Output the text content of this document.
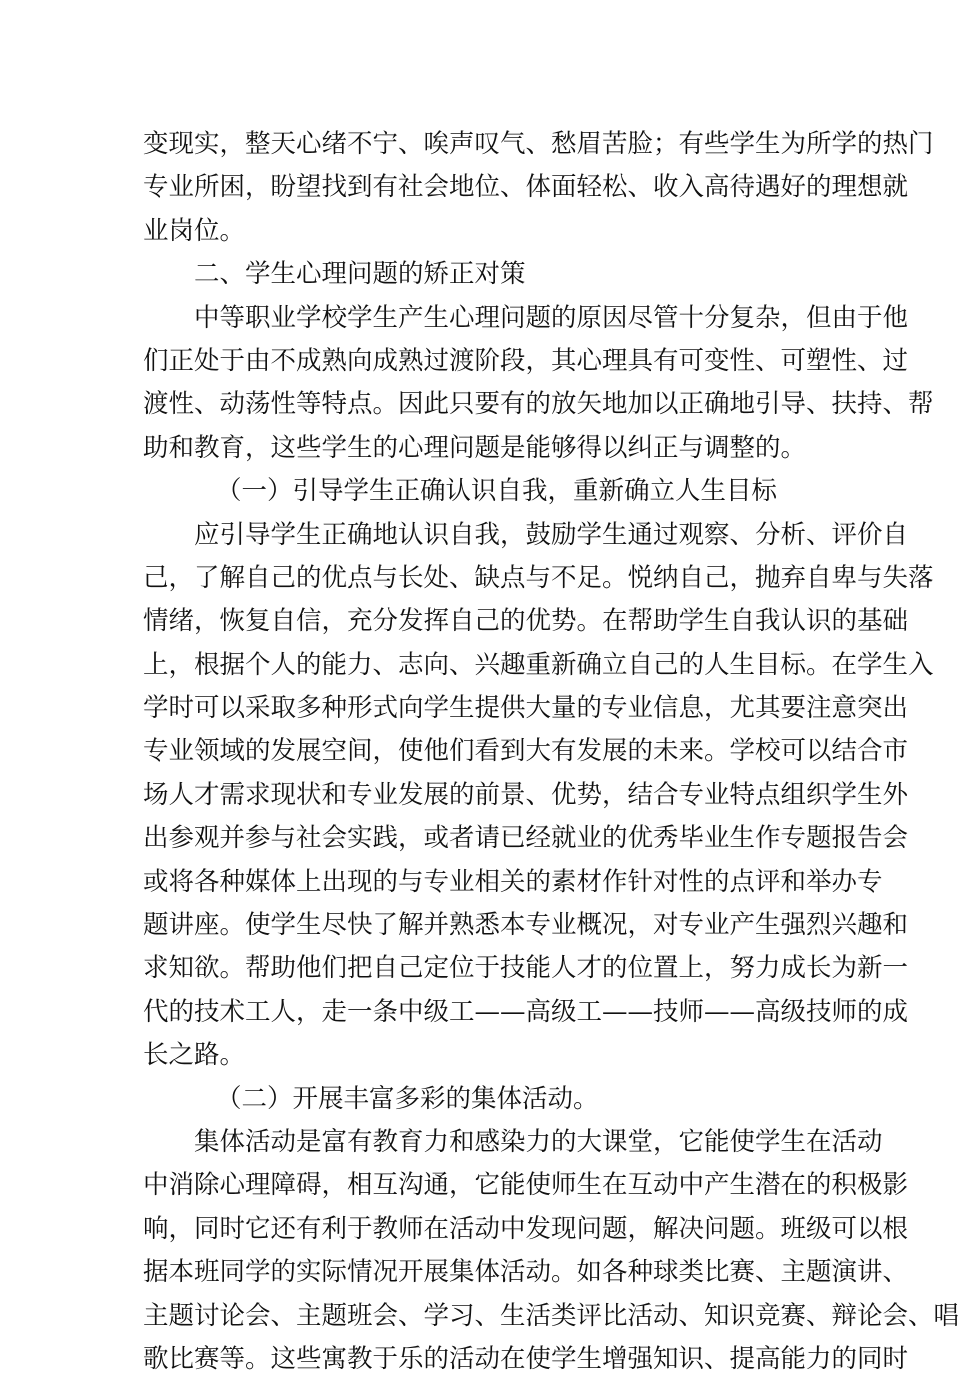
变现实，整天心绪不宁、唉声叹气、愁眉苦脸；有些学生为所学的热门
专业所困，盼望找到有社会地位、体面轻松、收入高待遇好的理想就
业岗位。
二、学生心理问题的矫正对策
中等职业学校学生产生心理问题的原因尽管十分复杂，但由于他
们正处于由不成熟向成熟过渡阶段，其心理具有可变性、可塑性、过
渡性、动荡性等特点。因此只要有的放矢地加以正确地引导、扶持、帮
助和教育，这些学生的心理问题是能够得以纠正与调整的。
（一）引导学生正确认识自我，重新确立人生目标
应引导学生正确地认识自我，鼓励学生通过观察、分析、评价自
己，了解自己的优点与长处、缺点与不足。悦纳自己，抛弃自卑与失落
情绪，恢复自信，充分发挥自己的优势。在帮助学生自我认识的基础
上，根据个人的能力、志向、兴趣重新确立自己的人生目标。在学生入
学时可以采取多种形式向学生提供大量的专业信息，尤其要注意突出
专业领域的发展空间，使他们看到大有发展的未来。学校可以结合市
场人才需求现状和专业发展的前景、优势，结合专业特点组织学生外
出参观并参与社会实践，或者请已经就业的优秀毕业生作专题报告会
或将各种媒体上出现的与专业相关的素材作针对性的点评和举办专
题讲座。使学生尽快了解并熟悉本专业概况，对专业产生强烈兴趣和
求知欲。帮助他们把自己定位于技能人才的位置上，努力成长为新一
代的技术工人，走一条中级工——高级工——技师——高级技师的成
长之路。
（二）开展丰富多彩的集体活动。
集体活动是富有教育力和感染力的大课堂，它能使学生在活动
中消除心理障碍，相互沟通，它能使师生在互动中产生潜在的积极影
响，同时它还有利于教师在活动中发现问题，解决问题。班级可以根
据本班同学的实际情况开展集体活动。如各种球类比赛、主题演讲、
主题讨论会、主题班会、学习、生活类评比活动、知识竞赛、辩论会、唱
歌比赛等。这些寓教于乐的活动在使学生增强知识、提高能力的同时
